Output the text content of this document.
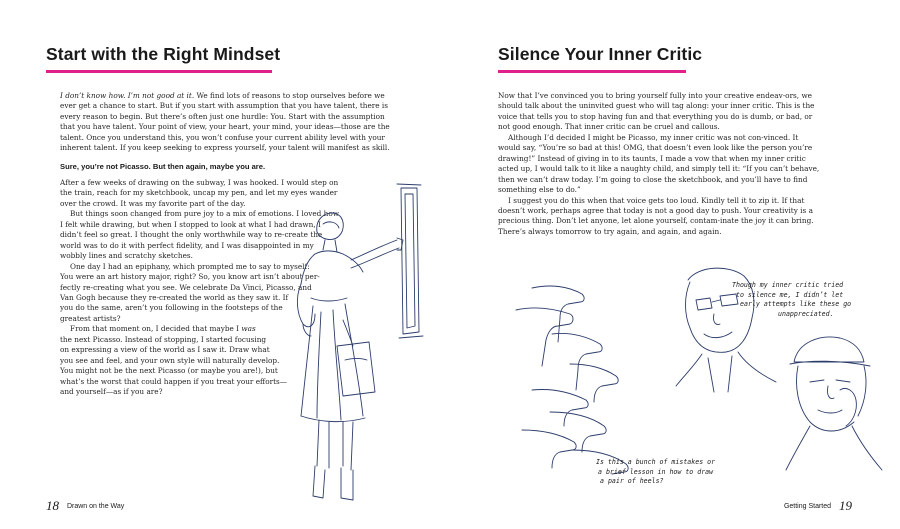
Start with the Right Mindset

I don’t know how. I’m not good at it. We find lots of reasons to stop ourselves before we ever get a chance to start. But if you start with assumption that you have talent, there is every reason to begin. But there’s often just one hurdle: You. Start with the assumption that you have talent. Your point of view, your heart, your mind, your ideas—those are the talent. Once you understand this, you won’t confuse your current ability level with your inherent talent. If you keep seeking to express yourself, your talent will manifest as skill.

Sure, you’re not Picasso. But then again, maybe you are.

After a few weeks of drawing on the subway, I was hooked. I would step on
the train, reach for my sketchbook, uncap my pen, and let my eyes wander
over the crowd. It was my favorite part of the day.
But things soon changed from pure joy to a mix of emotions. I loved how
I felt while drawing, but when I stopped to look at what I had drawn, I
didn’t feel so great. I thought the only worthwhile way to re-create the
world was to do it with perfect fidelity, and I was disappointed in my
wobbly lines and scratchy sketches.
One day I had an epiphany, which prompted me to say to myself:
You were an art history major, right? So, you know art isn’t about per-
fectly re-creating what you see. We celebrate Da Vinci, Picasso, and
Van Gogh because they re-created the world as they saw it. If
you do the same, aren’t you following in the footsteps of the
greatest artists?
From that moment on, I decided that maybe I was
the next Picasso. Instead of stopping, I started focusing
on expressing a view of the world as I saw it. Draw what
you see and feel, and your own style will naturally develop.
You might not be the next Picasso (or maybe you are!), but
what’s the worst that could happen if you treat your efforts—
and yourself—as if you are?
18 Drawn on the Way
Silence Your Inner Critic

Now that I’ve convinced you to bring yourself fully into your creative endeav-ors, we should talk about the uninvited guest who will tag along: your inner critic. This is the voice that tells you to stop having fun and that everything you do is dumb, or bad, or not good enough. That inner critic can be cruel and callous.

Although I’d decided I might be Picasso, my inner critic was not con-vinced. It would say, “You’re so bad at this! OMG, that doesn’t even look like the person you’re drawing!” Instead of giving in to its taunts, I made a vow that when my inner critic acted up, I would talk to it like a naughty child, and simply tell it: “If you can’t behave, then we can’t draw today. I’m going to close the sketchbook, and you’ll have to find something else to do.”

I suggest you do this when that voice gets too loud. Kindly tell it to zip it. If that doesn’t work, perhaps agree that today is not a good day to push. Your creativity is a precious thing. Don’t let anyone, let alone yourself, contam-inate the joy it can bring. There’s always tomorrow to try again, and again, and again.

Though my inner critic tried
to silence me, I didn’t let
early attempts like these go
unappreciated.
Is this a bunch of mistakes or
a brief lesson in how to draw
a pair of heels?
Getting Started 19
